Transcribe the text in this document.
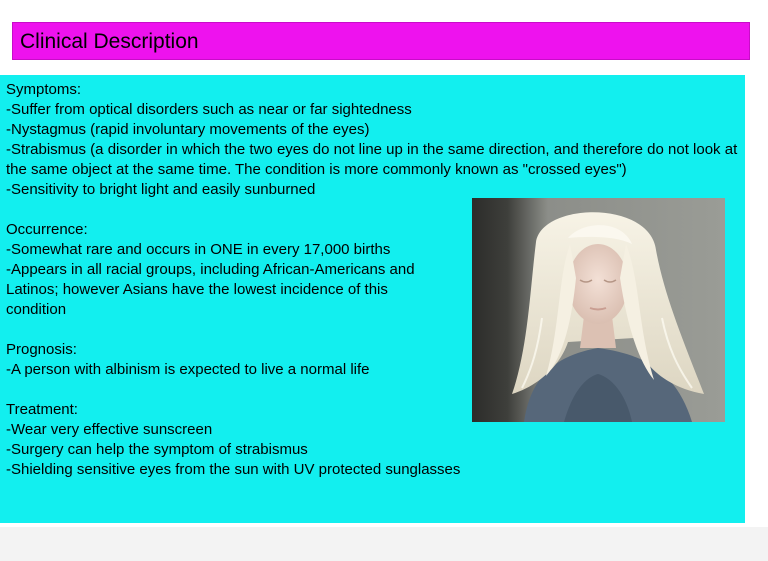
Clinical Description

Symptoms:

-Suffer from optical disorders such as near or far sightedness

-Nystagmus (rapid involuntary movements of the eyes)

-Strabismus (a disorder in which the two eyes do not line up in the same direction, and therefore do not look at the same object at the same time. The condition is more commonly known as "crossed eyes")

-Sensitivity to bright light and easily sunburned

Occurrence:

-Somewhat rare and occurs in ONE in every 17,000 births

-Appears in all racial groups, including African-Americans and Latinos; however Asians have the lowest incidence of this condition

Prognosis:

-A person with albinism is expected to live a normal life

Treatment:

-Wear very effective sunscreen

-Surgery can help the symptom of strabismus

-Shielding sensitive eyes from the sun with UV protected sunglasses
